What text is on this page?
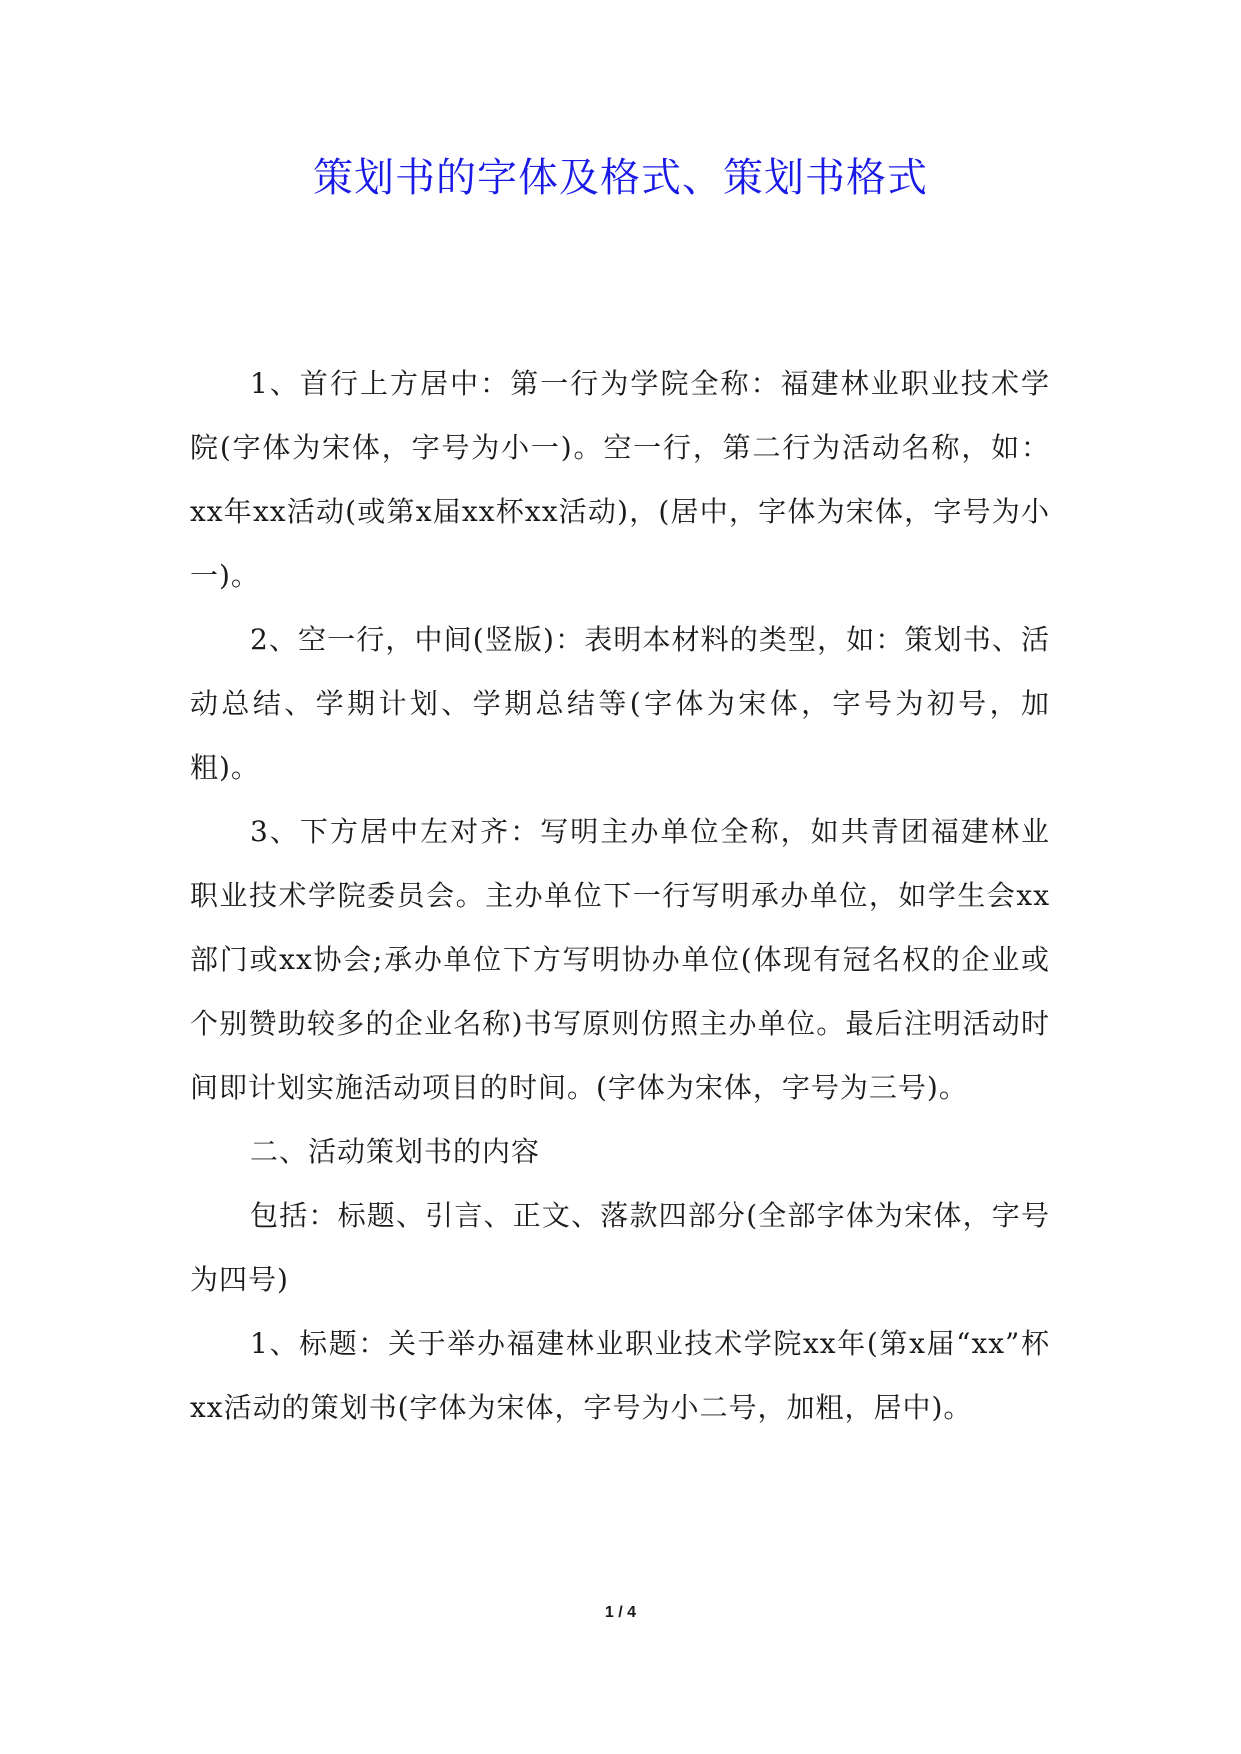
策划书的字体及格式、策划书格式

1、首行上方居中：第一行为学院全称：福建林业职业技术学院(字体为宋体，字号为小一)。空一行，第二行为活动名称，如：xx年xx活动(或第x届xx杯xx活动)，(居中，字体为宋体，字号为小一)。

2、空一行，中间(竖版)：表明本材料的类型，如：策划书、活动总结、学期计划、学期总结等(字体为宋体，字号为初号，加粗)。

3、下方居中左对齐：写明主办单位全称，如共青团福建林业职业技术学院委员会。主办单位下一行写明承办单位，如学生会xx部门或xx协会;承办单位下方写明协办单位(体现有冠名权的企业或个别赞助较多的企业名称)书写原则仿照主办单位。最后注明活动时间即计划实施活动项目的时间。(字体为宋体，字号为三号)。

二、活动策划书的内容

包括：标题、引言、正文、落款四部分(全部字体为宋体，字号为四号)

1、标题：关于举办福建林业职业技术学院xx年(第x届“xx”杯xx活动的策划书(字体为宋体，字号为小二号，加粗，居中)。

1 / 4
